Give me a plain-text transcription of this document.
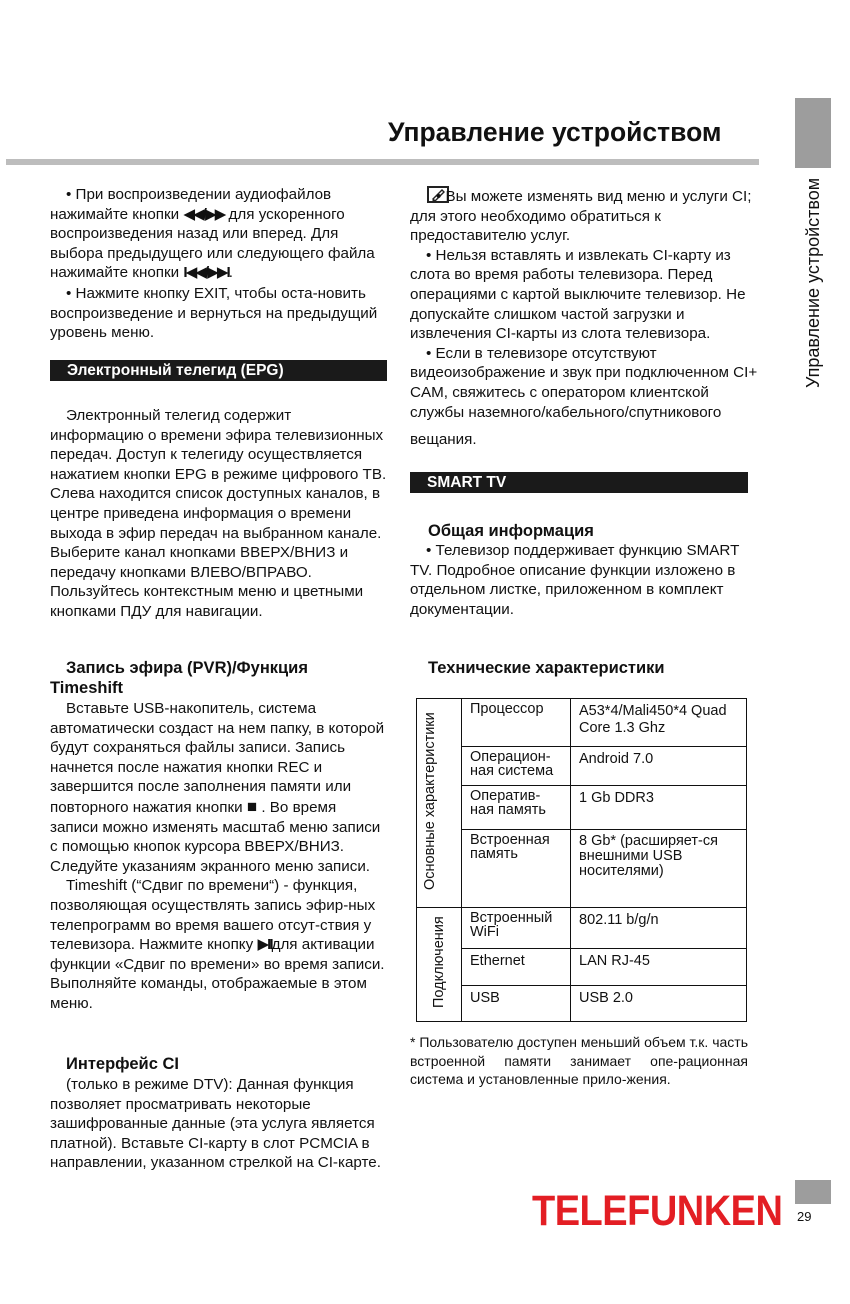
Управление устройством
Управление устройством

• При воспроизведении аудиофайлов нажимайте кнопки ◀◀/▶▶ для ускоренного воспроизведения назад или вперед. Для выбора предыдущего или следующего файла нажимайте кнопки I◀◀/▶▶I.

• Нажмите кнопку EXIT, чтобы оста-новить воспроизведение и вернуться на предыдущий уровень меню.

Электронный телегид (EPG)

Электронный телегид содержит информацию о времени эфира телевизионных передач. Доступ к телегиду осуществляется нажатием кнопки EPG в режиме цифрового ТВ. Слева находится список доступных каналов, в центре приведена информация о времени выхода в эфир передач на выбранном канале. Выберите канал кнопками ВВЕРХ/ВНИЗ и передачу кнопками ВЛЕВО/ВПРАВО. Пользуйтесь контекстным меню и цветными кнопками ПДУ для навигации.

Запись эфира (PVR)/Функция
Timeshift

Вставьте USB-накопитель, система автоматически создаст на нем папку, в которой будут сохраняться файлы записи. Запись начнется после нажатия кнопки REC и завершится после заполнения памяти или повторного нажатия кнопки ■ . Во время записи можно изменять масштаб меню записи с помощью кнопок курсора ВВЕРХ/ВНИЗ. Следуйте указаниям экранного меню записи.

Timeshift (“Сдвиг по времени“) - функция, позволяющая осуществлять запись эфир-ных телепрограмм во время вашего отсут-ствия у телевизора. Нажмите кнопку ▶IIдля активации функции «Сдвиг по времени» во время записи. Выполняйте команды, отображаемые в этом меню.

Интерфейс CI

(только в режиме DTV): Данная функция позволяет просматривать некоторые зашифрованные данные (эта услуга является платной). Вставьте CI-карту в слот PCMCIA в направлении, указанном стрелкой на CI-карте.

• Вы можете изменять вид меню и услуги CI; для этого необходимо обратиться к предоставителю услуг.

• Нельзя вставлять и извлекать CI-карту из слота во время работы телевизора. Перед операциями с картой выключите телевизор. Не допускайте слишком частой загрузки и извлечения CI-карты из слота телевизора.

• Если в телевизоре отсутствуют видеоизображение и звук при подключенном CI+ CAM, свяжитесь с оператором клиентской службы наземного/кабельного/спутникового

вещания.

SMART TV

Общая информация

• Телевизор поддерживает функцию SMART TV. Подробное описание функции изложено в отдельном листке, приложенном в комплект документации.

Технические характеристики

Основные характеристики	Процессор	A53*4/Mali450*4 Quad Core 1.3 Ghz
	Операцион-ная система	Android 7.0
	Оператив-ная память	1 Gb DDR3
	Встроенная память	8 Gb* (расширяет-ся внешними USB носителями)
Подключения	Встроенный WiFi	802.11 b/g/n
	Ethernet	LAN RJ-45
	USB	USB 2.0

* Пользователю доступен меньший объем т.к. часть встроенной памяти занимает опе-рационная система и установленные прило-жения.

TELEFUNKEN 29
